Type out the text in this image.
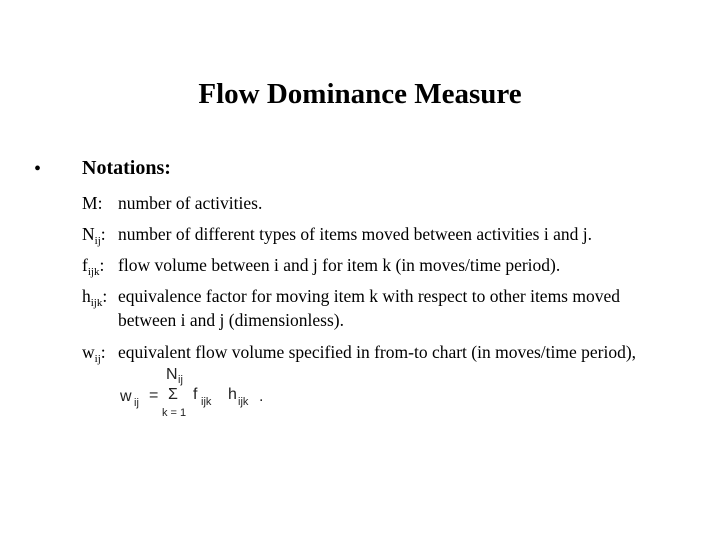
Flow Dominance Measure
• Notations:
M: number of activities.
$N_{ij}$: number of different types of items moved between activities i and j.
$f_{ijk}$: flow volume between i and j for item k (in moves/time period).
$h_{ijk}$: equivalence factor for moving item k with respect to other items moved
between i and j (dimensionless).
$w_{ij}$: equivalent flow volume specified in from-to chart (in moves/time period),
w ij =
N ij
Σ
k = 1
f ijk h ijk .
